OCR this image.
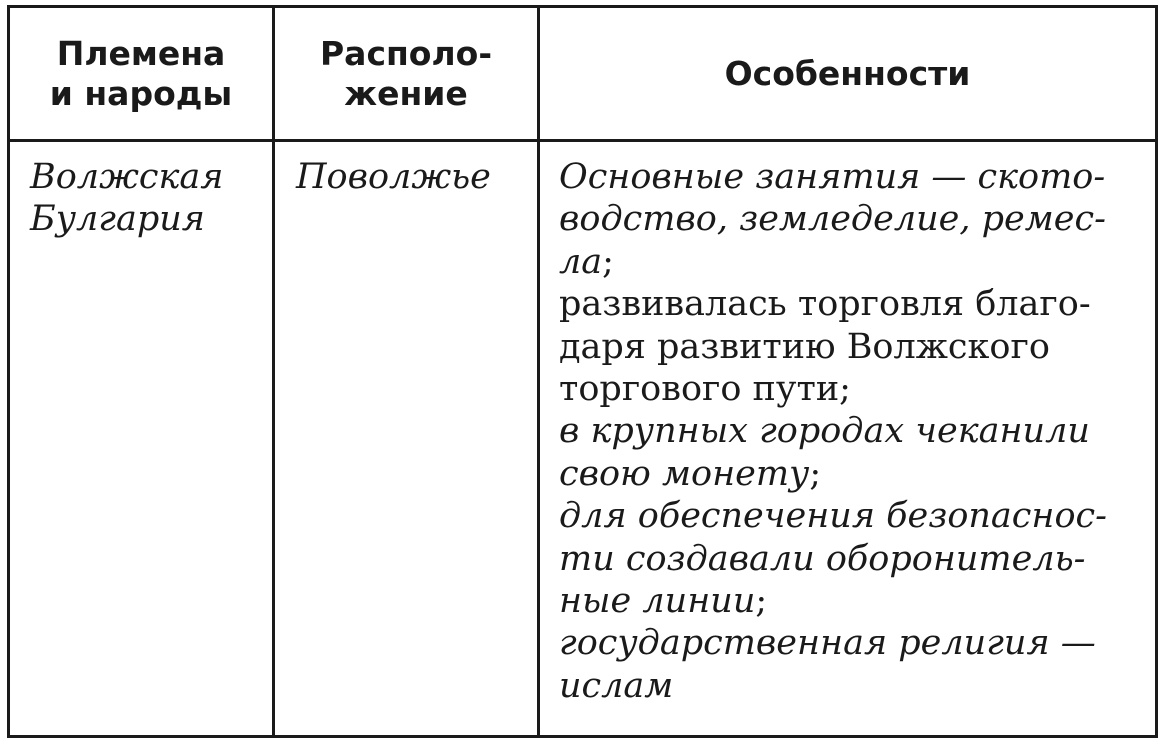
Племена
и народы
Располо-
жение
Особенности
Волжская
Булгария
Поволжье	Основные занятия — ското-
водство, земледелие, ремес-
ла;
развивалась торговля благо-
даря развитию Волжского
торгового пути;
в крупных городах чеканили
свою монету;
для обеспечения безопаснос-
ти создавали оборонитель-
ные линии;
государственная религия —
ислам
